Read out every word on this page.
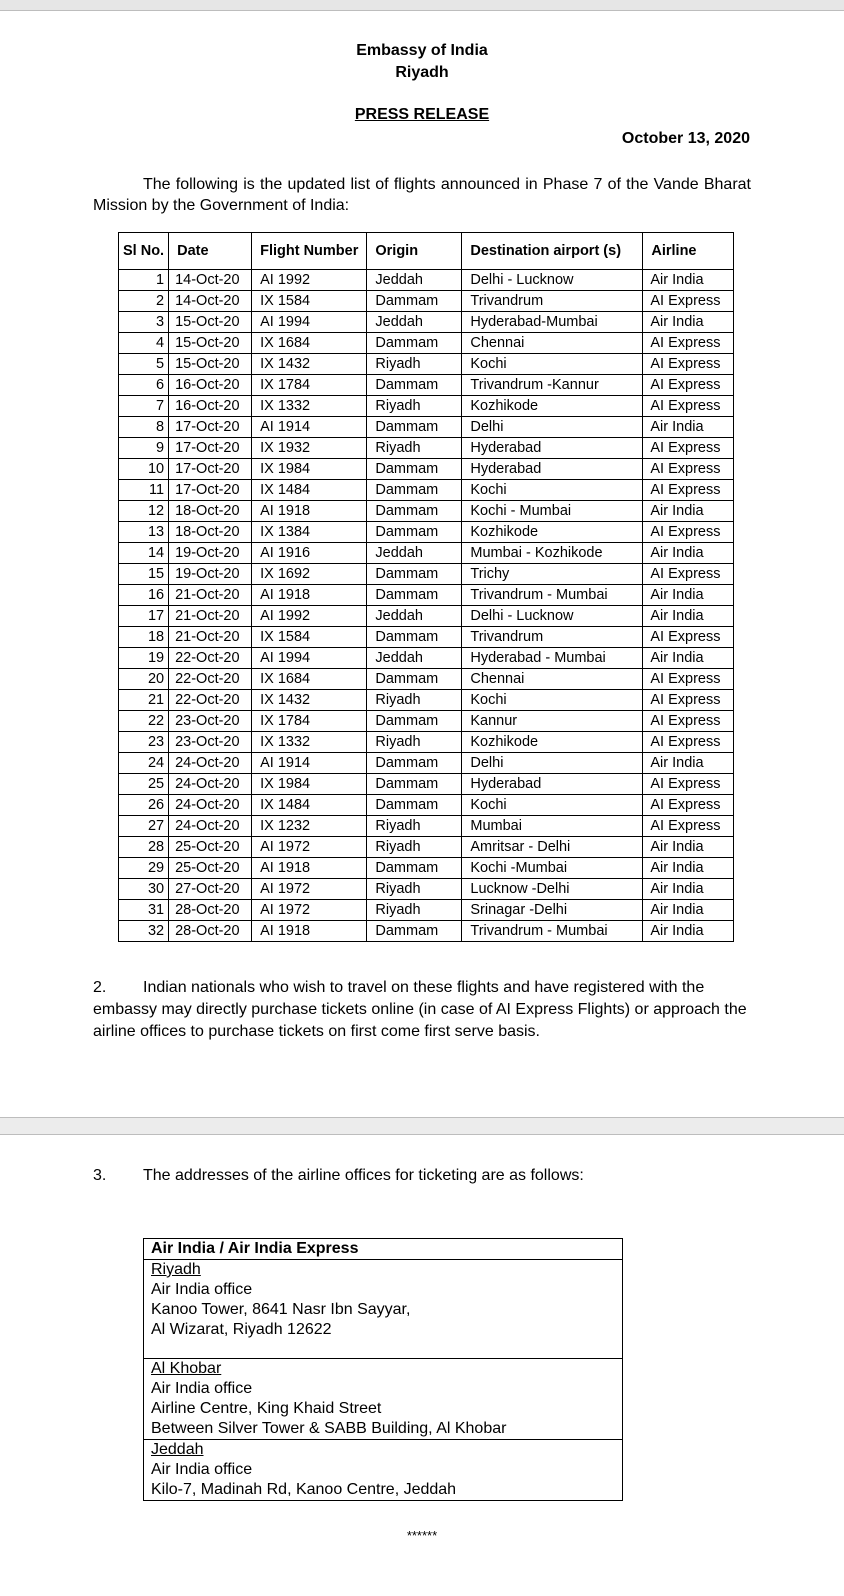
Embassy of India
Riyadh
PRESS RELEASE
October 13, 2020
The following is the updated list of flights announced in Phase 7 of the Vande Bharat Mission by the Government of India:
Sl No.	Date	Flight Number	Origin	Destination airport (s)	Airline
1	14-Oct-20	AI 1992	Jeddah	Delhi - Lucknow	Air India
2	14-Oct-20	IX 1584	Dammam	Trivandrum	AI Express
3	15-Oct-20	AI 1994	Jeddah	Hyderabad-Mumbai	Air India
4	15-Oct-20	IX 1684	Dammam	Chennai	AI Express
5	15-Oct-20	IX 1432	Riyadh	Kochi	AI Express
6	16-Oct-20	IX 1784	Dammam	Trivandrum -Kannur	AI Express
7	16-Oct-20	IX 1332	Riyadh	Kozhikode	AI Express
8	17-Oct-20	AI 1914	Dammam	Delhi	Air India
9	17-Oct-20	IX 1932	Riyadh	Hyderabad	AI Express
10	17-Oct-20	IX 1984	Dammam	Hyderabad	AI Express
11	17-Oct-20	IX 1484	Dammam	Kochi	AI Express
12	18-Oct-20	AI 1918	Dammam	Kochi - Mumbai	Air India
13	18-Oct-20	IX 1384	Dammam	Kozhikode	AI Express
14	19-Oct-20	AI 1916	Jeddah	Mumbai - Kozhikode	Air India
15	19-Oct-20	IX 1692	Dammam	Trichy	AI Express
16	21-Oct-20	AI 1918	Dammam	Trivandrum - Mumbai	Air India
17	21-Oct-20	AI 1992	Jeddah	Delhi - Lucknow	Air India
18	21-Oct-20	IX 1584	Dammam	Trivandrum	AI Express
19	22-Oct-20	AI 1994	Jeddah	Hyderabad - Mumbai	Air India
20	22-Oct-20	IX 1684	Dammam	Chennai	AI Express
21	22-Oct-20	IX 1432	Riyadh	Kochi	AI Express
22	23-Oct-20	IX 1784	Dammam	Kannur	AI Express
23	23-Oct-20	IX 1332	Riyadh	Kozhikode	AI Express
24	24-Oct-20	AI 1914	Dammam	Delhi	Air India
25	24-Oct-20	IX 1984	Dammam	Hyderabad	AI Express
26	24-Oct-20	IX 1484	Dammam	Kochi	AI Express
27	24-Oct-20	IX 1232	Riyadh	Mumbai	AI Express
28	25-Oct-20	AI 1972	Riyadh	Amritsar - Delhi	Air India
29	25-Oct-20	AI 1918	Dammam	Kochi -Mumbai	Air India
30	27-Oct-20	AI 1972	Riyadh	Lucknow -Delhi	Air India
31	28-Oct-20	AI 1972	Riyadh	Srinagar -Delhi	Air India
32	28-Oct-20	AI 1918	Dammam	Trivandrum - Mumbai	Air India
2. Indian nationals who wish to travel on these flights and have registered with the embassy may directly purchase tickets online (in case of AI Express Flights) or approach the airline offices to purchase tickets on first come first serve basis.
3. The addresses of the airline offices for ticketing are as follows:
Air India / Air India Express

Riyadh
Air India office
Kanoo Tower, 8641 Nasr Ibn Sayyar,
Al Wizarat, Riyadh 12622

Al Khobar
Air India office
Airline Centre, King Khaid Street
Between Silver Tower & SABB Building, Al Khobar

Jeddah
Air India office
Kilo-7, Madinah Rd, Kanoo Centre, Jeddah
******
